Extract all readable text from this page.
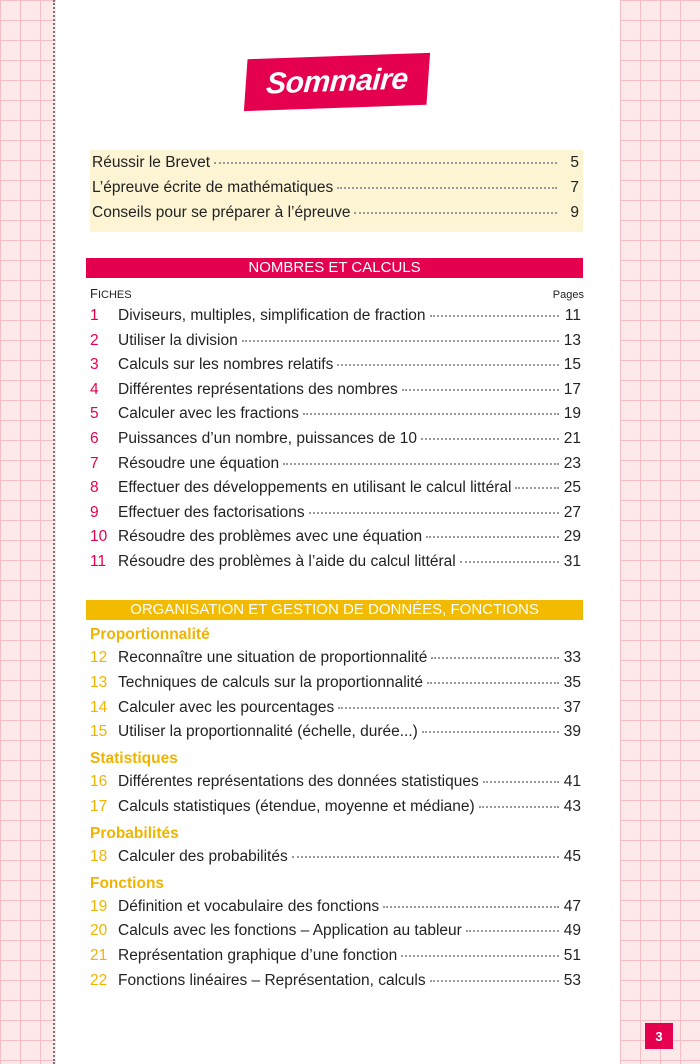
Sommaire
Réussir le Brevet	5
L’épreuve écrite de mathématiques	7
Conseils pour se préparer à l’épreuve	9
NOMBRES ET CALCULS
FICHES	Pages
1	Diviseurs, multiples, simplification de fraction	11
2	Utiliser la division	13
3	Calculs sur les nombres relatifs	15
4	Différentes représentations des nombres	17
5	Calculer avec les fractions	19
6	Puissances d’un nombre, puissances de 10	21
7	Résoudre une équation	23
8	Effectuer des développements en utilisant le calcul littéral	25
9	Effectuer des factorisations	27
10 Résoudre des problèmes avec une équation	29
11 Résoudre des problèmes à l’aide du calcul littéral	31
ORGANISATION ET GESTION DE DONNÉES, FONCTIONS
Proportionnalité
12 Reconnaître une situation de proportionnalité	33
13 Techniques de calculs sur la proportionnalité	35
14 Calculer avec les pourcentages	37
15 Utiliser la proportionnalité (échelle, durée...)	39
Statistiques
16 Différentes représentations des données statistiques	41
17 Calculs statistiques (étendue, moyenne et médiane)	43
Probabilités
18 Calculer des probabilités	45
Fonctions
19 Définition et vocabulaire des fonctions	47
20 Calculs avec les fonctions – Application au tableur	49
21 Représentation graphique d’une fonction	51
22 Fonctions linéaires – Représentation, calculs	53
3
